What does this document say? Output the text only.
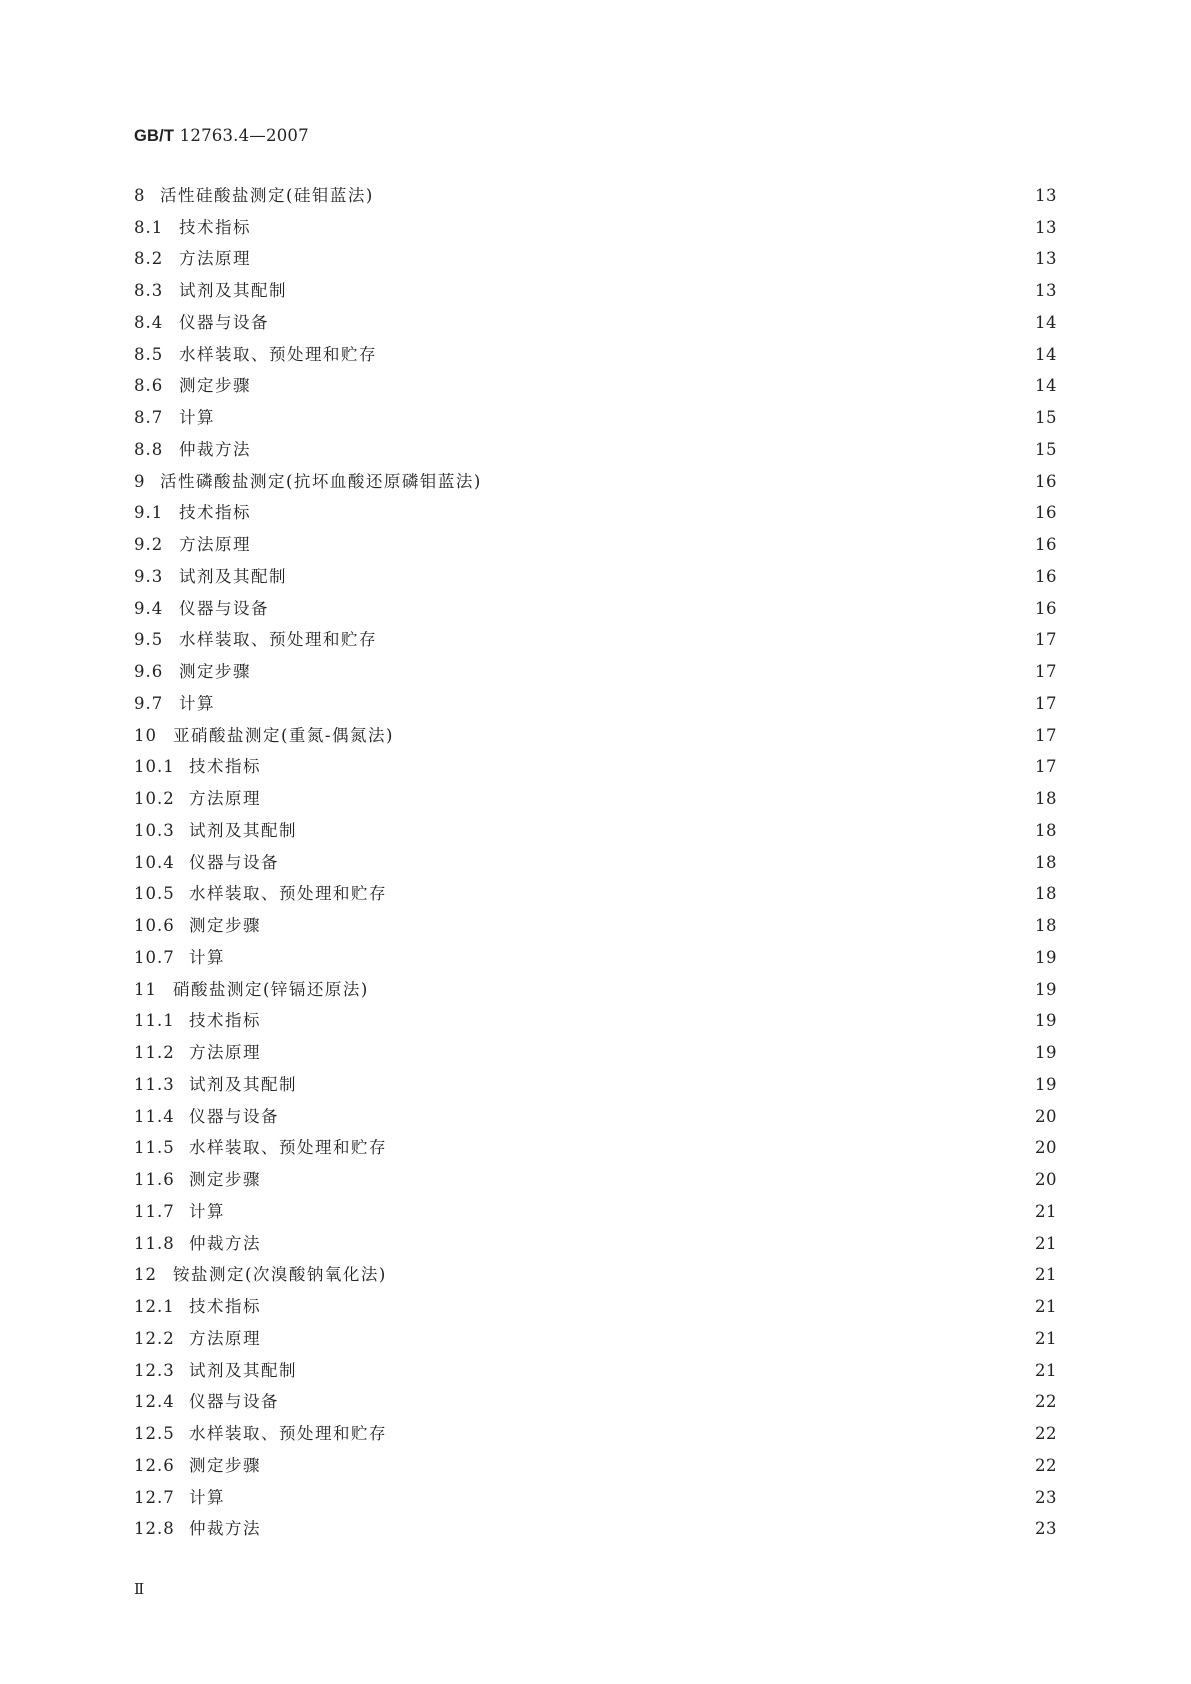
GB/T 12763.4—2007
8 活性硅酸盐测定(硅钼蓝法)	13
8.1 技术指标	13
8.2 方法原理	13
8.3 试剂及其配制	13
8.4 仪器与设备	14
8.5 水样装取、预处理和贮存	14
8.6 测定步骤	14
8.7 计算	15
8.8 仲裁方法	15
9 活性磷酸盐测定(抗坏血酸还原磷钼蓝法)	16
9.1 技术指标	16
9.2 方法原理	16
9.3 试剂及其配制	16
9.4 仪器与设备	16
9.5 水样装取、预处理和贮存	17
9.6 测定步骤	17
9.7 计算	17
10 亚硝酸盐测定(重氮-偶氮法)	17
10.1 技术指标	17
10.2 方法原理	18
10.3 试剂及其配制	18
10.4 仪器与设备	18
10.5 水样装取、预处理和贮存	18
10.6 测定步骤	18
10.7 计算	19
11 硝酸盐测定(锌镉还原法)	19
11.1 技术指标	19
11.2 方法原理	19
11.3 试剂及其配制	19
11.4 仪器与设备	20
11.5 水样装取、预处理和贮存	20
11.6 测定步骤	20
11.7 计算	21
11.8 仲裁方法	21
12 铵盐测定(次溴酸钠氧化法)	21
12.1 技术指标	21
12.2 方法原理	21
12.3 试剂及其配制	21
12.4 仪器与设备	22
12.5 水样装取、预处理和贮存	22
12.6 测定步骤	22
12.7 计算	23
12.8 仲裁方法	23
Ⅱ
